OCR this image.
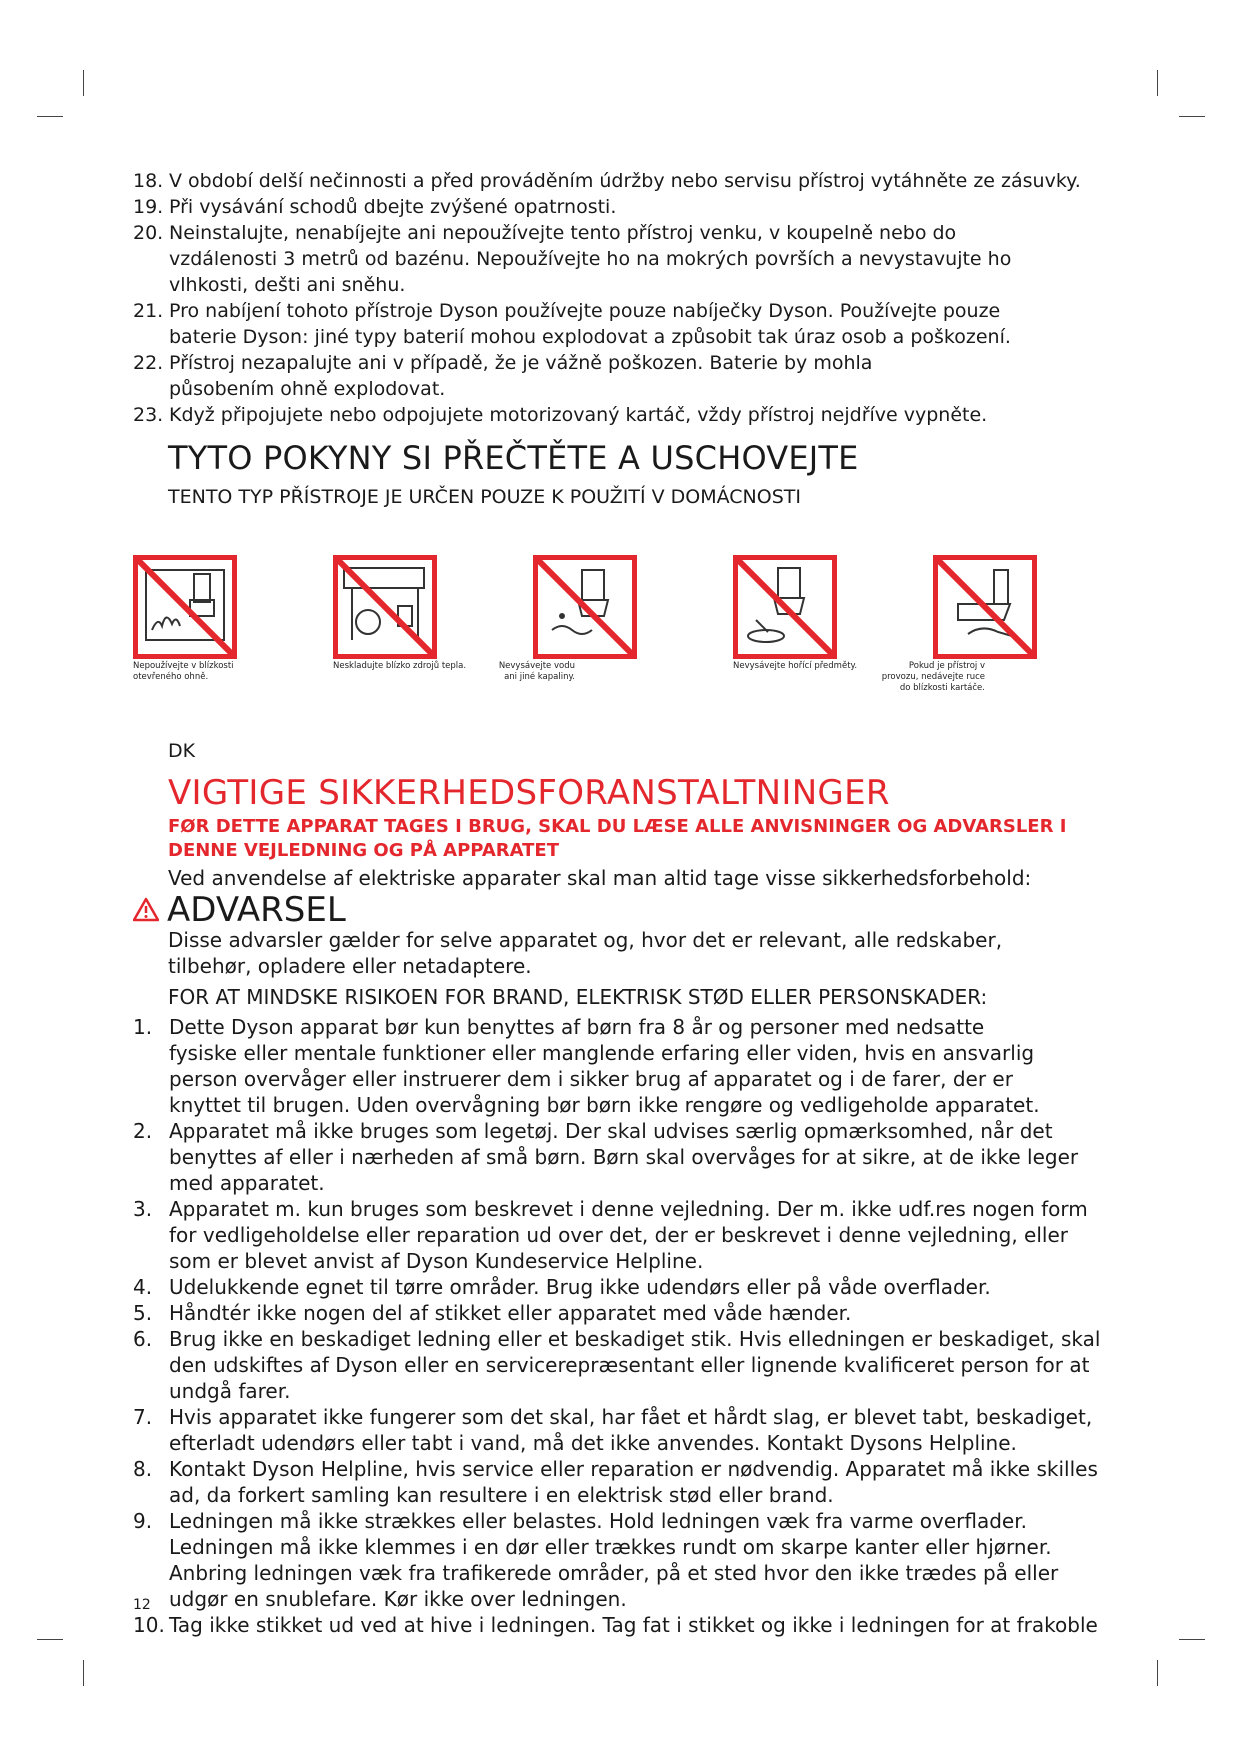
18. V období delší nečinnosti a před prováděním údržby nebo servisu přístroj vytáhněte ze zásuvky.
19. Při vysávání schodů dbejte zvýšené opatrnosti.
20. Neinstalujte, nenabíjejte ani nepoužívejte tento přístroj venku, v koupelně nebo do vzdálenosti 3 metrů od bazénu. Nepoužívejte ho na mokrých površích a nevystavujte ho vlhkosti, dešti ani sněhu.
21. Pro nabíjení tohoto přístroje Dyson používejte pouze nabíječky Dyson. Používejte pouze baterie Dyson: jiné typy baterií mohou explodovat a způsobit tak úraz osob a poškození.
22. Přístroj nezapalujte ani v případě, že je vážně poškozen. Baterie by mohla působením ohně explodovat.
23. Když připojujete nebo odpojujete motorizovaný kartáč, vždy přístroj nejdříve vypněte.
TYTO POKYNY SI PŘEČTĚTE A USCHOVEJTE

TENTO TYP PŘÍSTROJE JE URČEN POUZE K POUŽITÍ V DOMÁCNOSTI

Nepoužívejte v blízkosti otevřeného ohně.
Neskladujte blízko zdrojů tepla.	Nevysávejte vodu ani jiné kapaliny.
Nevysávejte hořící předměty.	Pokud je přístroj v provozu, nedávejte ruce do blízkosti kartáče.

DK

VIGTIGE SIKKERHEDSFORANSTALTNINGER

FØR DETTE APPARAT TAGES I BRUG, SKAL DU LÆSE ALLE ANVISNINGER OG ADVARSLER I DENNE VEJLEDNING OG PÅ APPARATET

Ved anvendelse af elektriske apparater skal man altid tage visse sikkerhedsforbehold:

ADVARSEL

Disse advarsler gælder for selve apparatet og, hvor det er relevant, alle redskaber, tilbehør, opladere eller netadaptere.

FOR AT MINDSKE RISIKOEN FOR BRAND, ELEKTRISK STØD ELLER PERSONSKADER:

1. Dette Dyson apparat bør kun benyttes af børn fra 8 år og personer med nedsatte fysiske eller mentale funktioner eller manglende erfaring eller viden, hvis en ansvarlig person overvåger eller instruerer dem i sikker brug af apparatet og i de farer, der er knyttet til brugen. Uden overvågning bør børn ikke rengøre og vedligeholde apparatet.
2. Apparatet må ikke bruges som legetøj. Der skal udvises særlig opmærksomhed, når det benyttes af eller i nærheden af små børn. Børn skal overvåges for at sikre, at de ikke leger med apparatet.
3. Apparatet m. kun bruges som beskrevet i denne vejledning. Der m. ikke udf.res nogen form for vedligeholdelse eller reparation ud over det, der er beskrevet i denne vejledning, eller som er blevet anvist af Dyson Kundeservice Helpline.
4. Udelukkende egnet til tørre områder. Brug ikke udendørs eller på våde overflader.
5. Håndtér ikke nogen del af stikket eller apparatet med våde hænder.
6. Brug ikke en beskadiget ledning eller et beskadiget stik. Hvis elledningen er beskadiget, skal den udskiftes af Dyson eller en servicerepræsentant eller lignende kvalificeret person for at undgå farer.
7. Hvis apparatet ikke fungerer som det skal, har fået et hårdt slag, er blevet tabt, beskadiget, efterladt udendørs eller tabt i vand, må det ikke anvendes. Kontakt Dysons Helpline.
8. Kontakt Dyson Helpline, hvis service eller reparation er nødvendig. Apparatet må ikke skilles ad, da forkert samling kan resultere i en elektrisk stød eller brand.
9. Ledningen må ikke strækkes eller belastes. Hold ledningen væk fra varme overflader. Ledningen må ikke klemmes i en dør eller trækkes rundt om skarpe kanter eller hjørner. Anbring ledningen væk fra trafikerede områder, på et sted hvor den ikke trædes på eller udgør en snublefare. Kør ikke over ledningen.
10. Tag ikke stikket ud ved at hive i ledningen. Tag fat i stikket og ikke i ledningen for at frakoble
12
